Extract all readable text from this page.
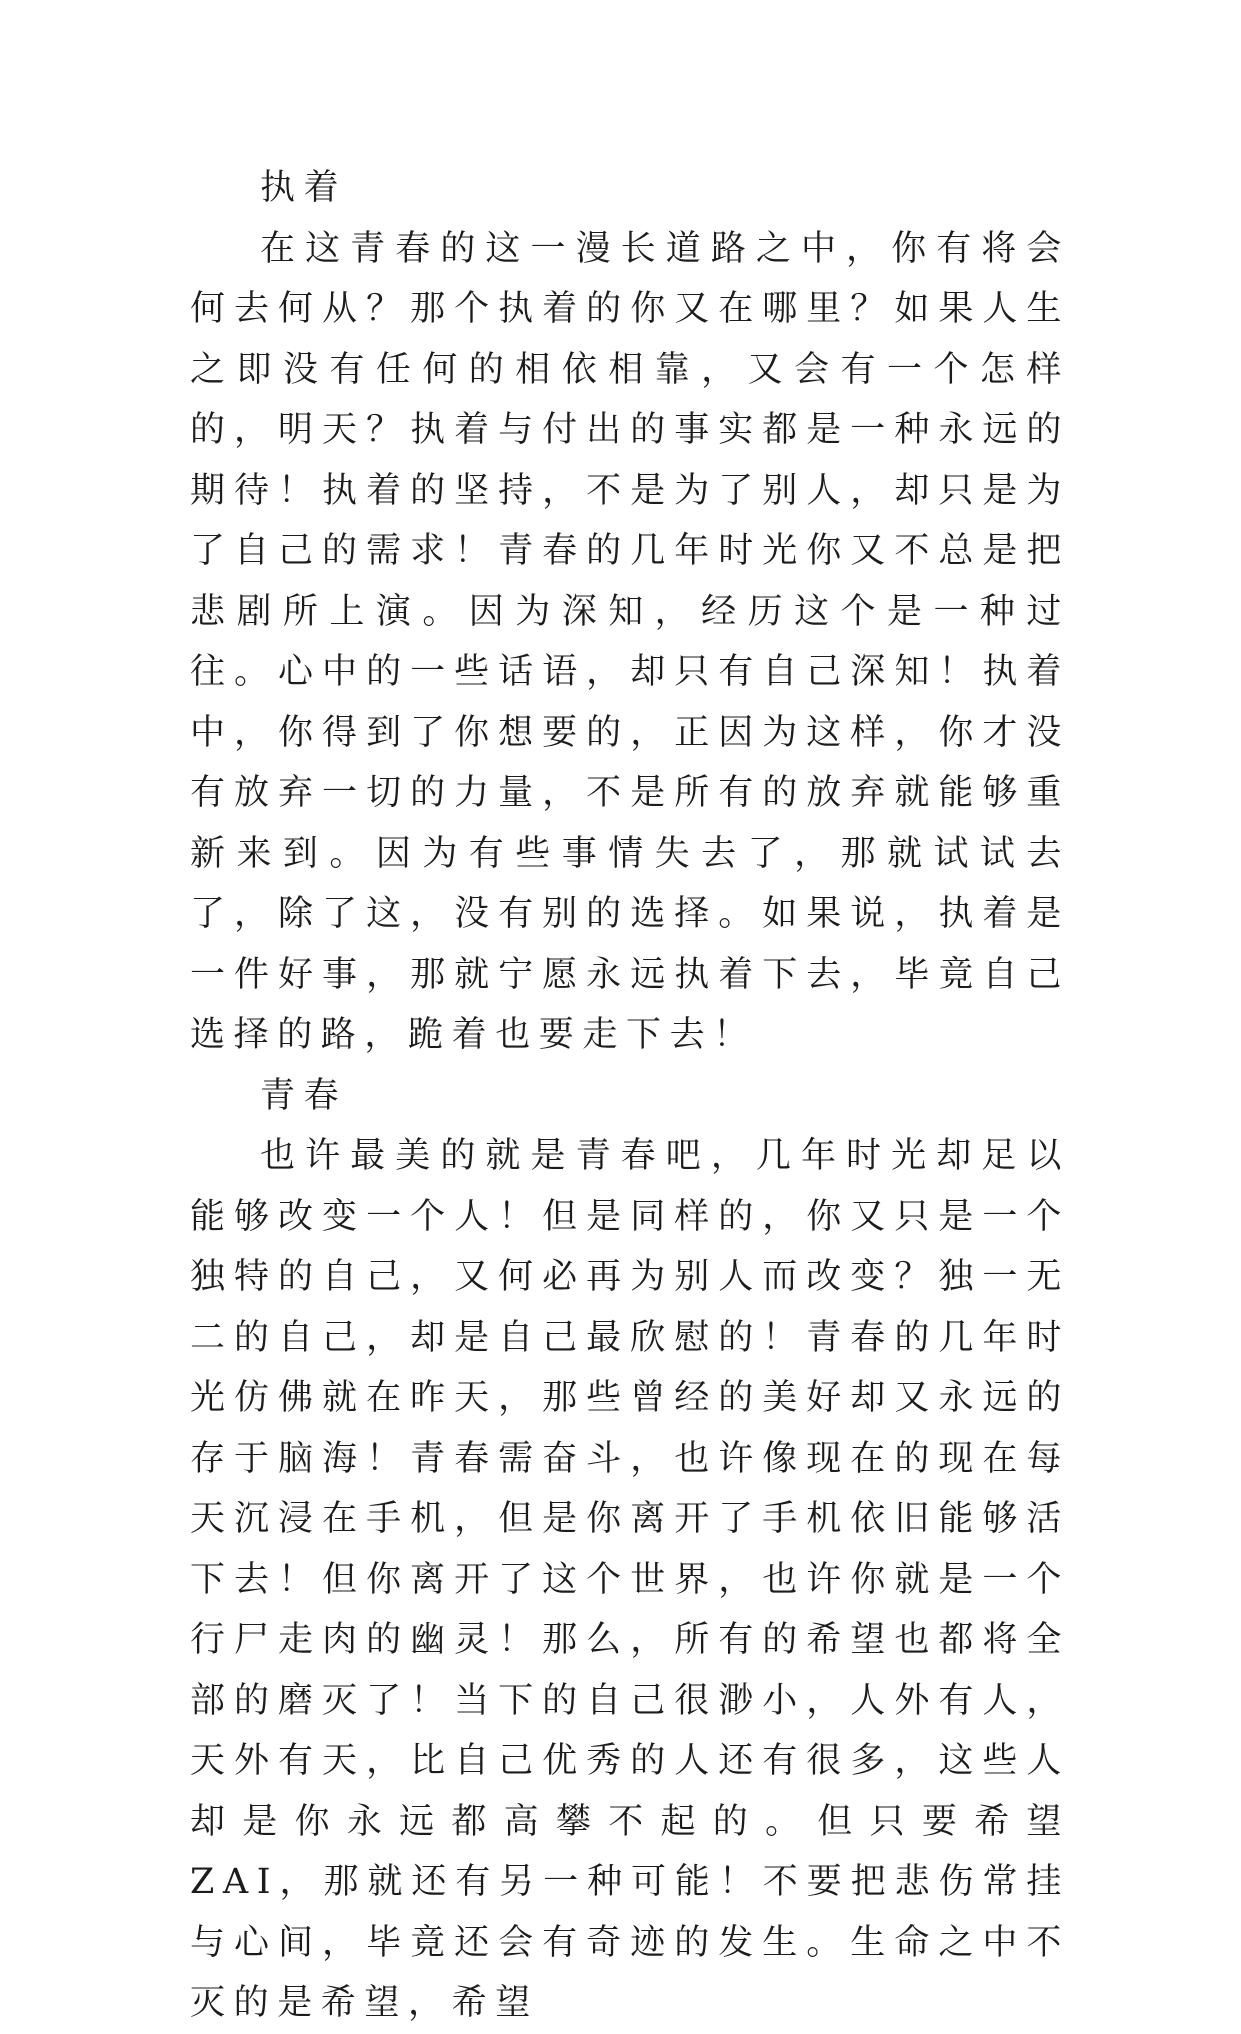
执着

在这青春的这一漫长道路之中，你有将会何去何从？那个执着的你又在哪里？如果人生之即没有任何的相依相靠，又会有一个怎样的，明天？执着与付出的事实都是一种永远的期待！执着的坚持，不是为了别人，却只是为了自己的需求！青春的几年时光你又不总是把悲剧所上演。因为深知，经历这个是一种过往。心中的一些话语，却只有自己深知！执着中，你得到了你想要的，正因为这样，你才没有放弃一切的力量，不是所有的放弃就能够重新来到。因为有些事情失去了，那就试试去了，除了这，没有别的选择。如果说，执着是一件好事，那就宁愿永远执着下去，毕竟自己选择的路，跪着也要走下去！

青春

也许最美的就是青春吧，几年时光却足以能够改变一个人！但是同样的，你又只是一个独特的自己，又何必再为别人而改变？独一无二的自己，却是自己最欣慰的！青春的几年时光仿佛就在昨天，那些曾经的美好却又永远的存于脑海！青春需奋斗，也许像现在的现在每天沉浸在手机，但是你离开了手机依旧能够活下去！但你离开了这个世界，也许你就是一个行尸走肉的幽灵！那么，所有的希望也都将全部的磨灭了！当下的自己很渺小，人外有人，天外有天，比自己优秀的人还有很多，这些人却是你永远都高攀不起的。但只要希望 ZAI，那就还有另一种可能！不要把悲伤常挂与心间，毕竟还会有奇迹的发生。生命之中不灭的是希望，希望
